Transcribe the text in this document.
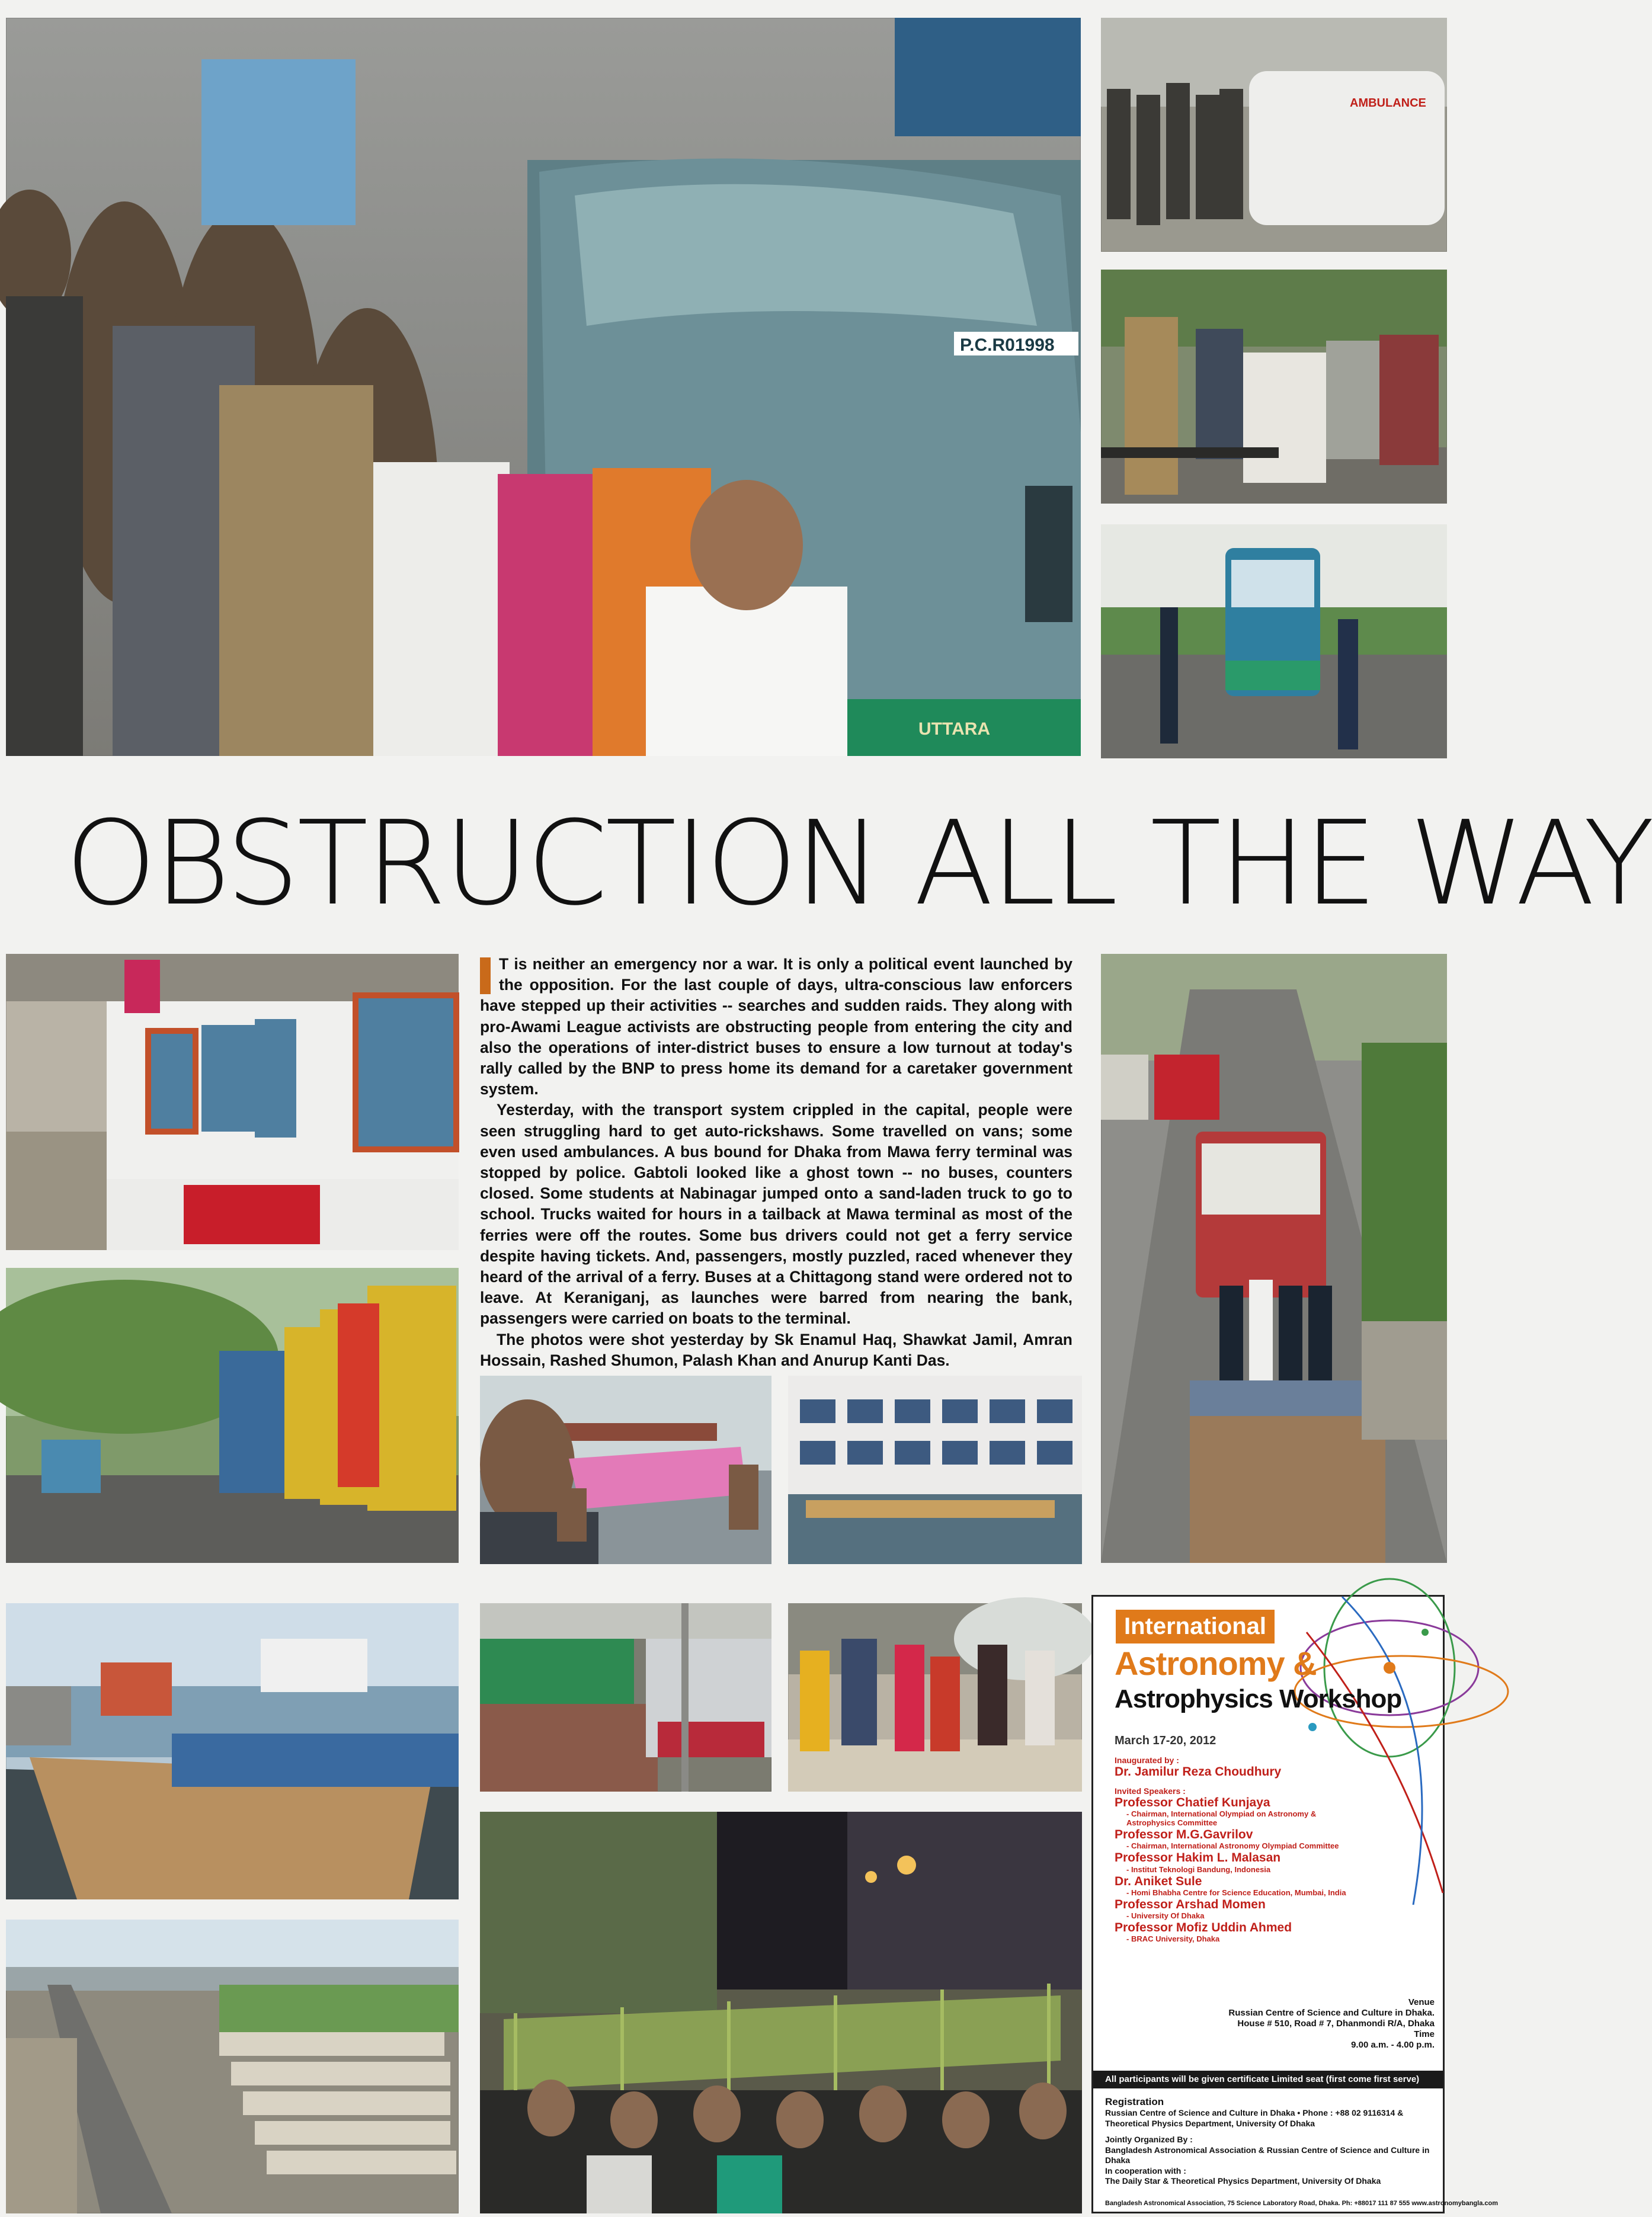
P.C.R01998
UTTARA
AMBULANCE
OBSTRUCTION ALL THE WAY

T is neither an emergency nor a war. It is only a political event launched by the opposition. For the last couple of days, ultra-conscious law enforcers have stepped up their activities -- searches and sudden raids. They along with pro-Awami League activists are obstructing people from entering the city and also the operations of inter-district buses to ensure a low turnout at today's rally called by the BNP to press home its demand for a caretaker government system.

Yesterday, with the transport system crippled in the capital, people were seen struggling hard to get auto-rickshaws. Some travelled on vans; some even used ambulances. A bus bound for Dhaka from Mawa ferry terminal was stopped by police. Gabtoli looked like a ghost town -- no buses, counters closed. Some students at Nabinagar jumped onto a sand-laden truck to go to school. Trucks waited for hours in a tailback at Mawa terminal as most of the ferries were off the routes. Some bus drivers could not get a ferry service despite having tickets. And, passengers, mostly puzzled, raced whenever they heard of the arrival of a ferry. Buses at a Chittagong stand were ordered not to leave. At Keraniganj, as launches were barred from nearing the bank, passengers were carried on boats to the terminal.

The photos were shot yesterday by Sk Enamul Haq, Shawkat Jamil, Amran Hossain, Rashed Shumon, Palash Khan and Anurup Kanti Das.

International
Astronomy &
Astrophysics Workshop
March 17-20, 2012
Inaugurated by :
Dr. Jamilur Reza Choudhury
Invited Speakers :
Professor Chatief Kunjaya
- Chairman, International Olympiad on Astronomy & Astrophysics Committee
Professor M.G.Gavrilov
- Chairman, International Astronomy Olympiad Committee
Professor Hakim L. Malasan
- Institut Teknologi Bandung, Indonesia
Dr. Aniket Sule
- Homi Bhabha Centre for Science Education, Mumbai, India
Professor Arshad Momen
- University Of Dhaka
Professor Mofiz Uddin Ahmed
- BRAC University, Dhaka
Venue
Russian Centre of Science and Culture in Dhaka.
House # 510, Road # 7, Dhanmondi R/A, Dhaka
Time
9.00 a.m. - 4.00 p.m.
All participants will be given certificate Limited seat (first come first serve)
Registration
Russian Centre of Science and Culture in Dhaka • Phone : +88 02 9116314 & Theoretical Physics Department, University Of Dhaka
Jointly Organized By :
Bangladesh Astronomical Association & Russian Centre of Science and Culture in Dhaka
In cooperation with :
The Daily Star & Theoretical Physics Department, University Of Dhaka
Bangladesh Astronomical Association, 75 Science Laboratory Road, Dhaka. Ph: +88017 111 87 555 www.astronomybangla.com
